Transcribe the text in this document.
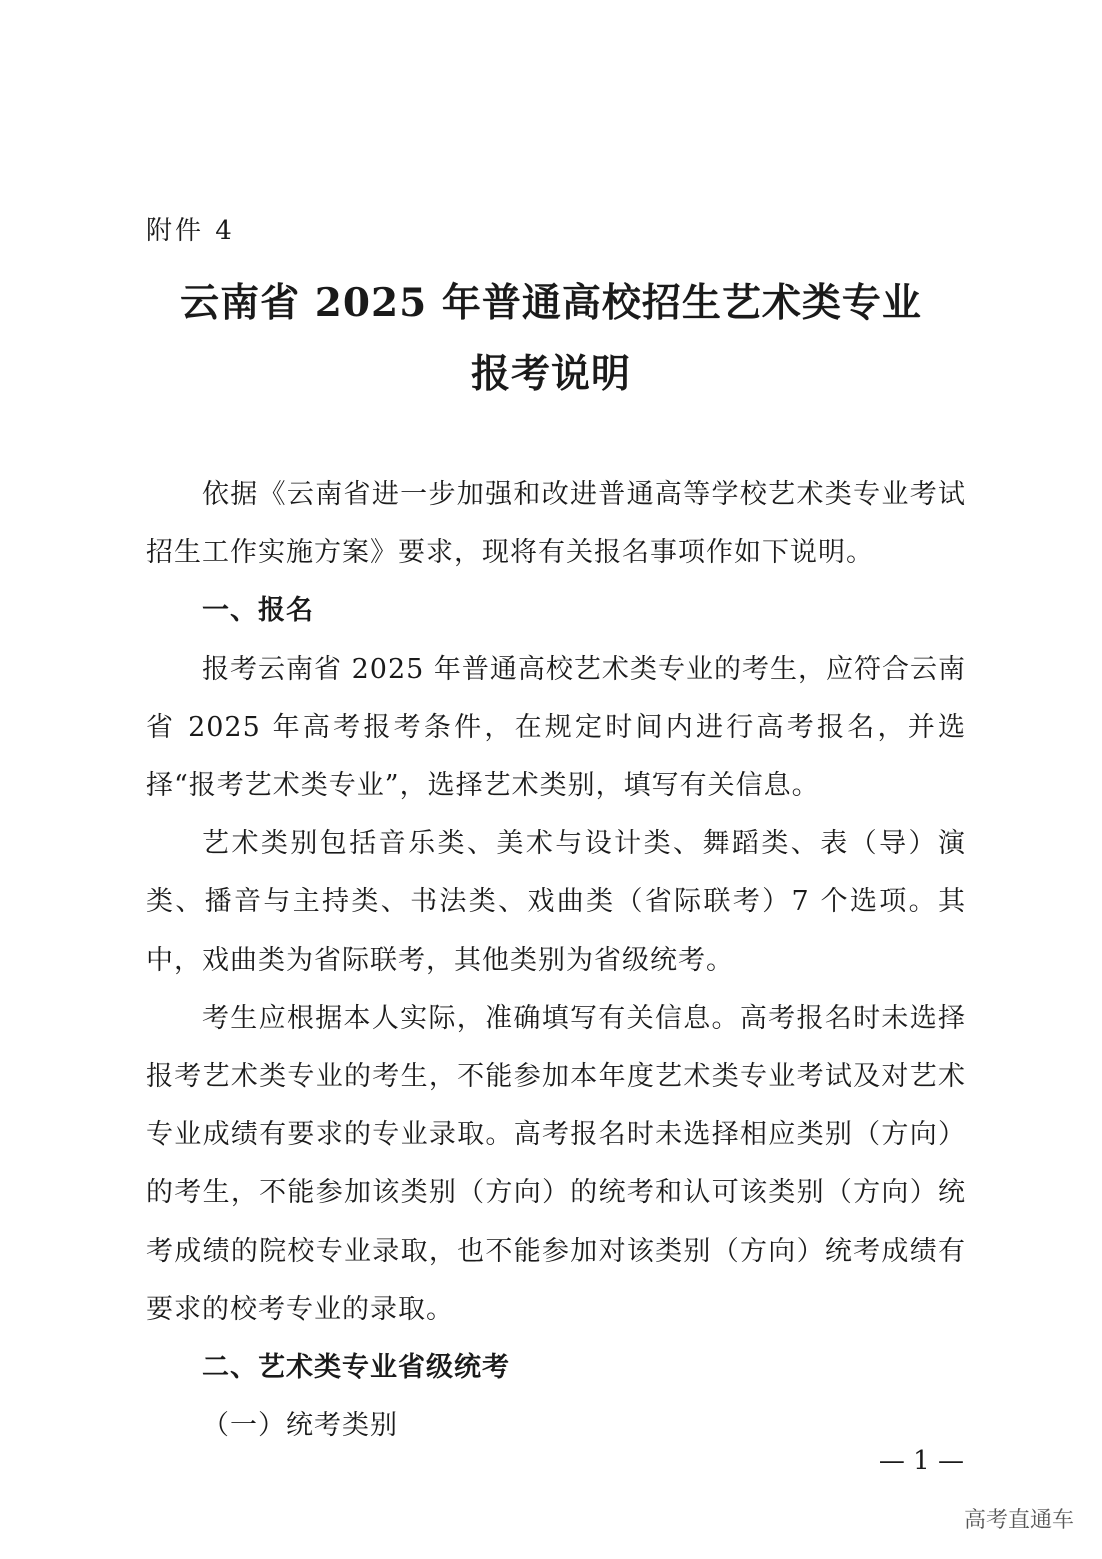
附件 4
云南省 2025 年普通高校招生艺术类专业
报考说明

依据《云南省进一步加强和改进普通高等学校艺术类专业考试招生工作实施方案》要求，现将有关报名事项作如下说明。

一、报名

报考云南省 2025 年普通高校艺术类专业的考生，应符合云南省 2025 年高考报考条件，在规定时间内进行高考报名，并选择“报考艺术类专业”，选择艺术类别，填写有关信息。

艺术类别包括音乐类、美术与设计类、舞蹈类、表（导）演类、播音与主持类、书法类、戏曲类（省际联考）7 个选项。其中，戏曲类为省际联考，其他类别为省级统考。

考生应根据本人实际，准确填写有关信息。高考报名时未选择报考艺术类专业的考生，不能参加本年度艺术类专业考试及对艺术专业成绩有要求的专业录取。高考报名时未选择相应类别（方向）的考生，不能参加该类别（方向）的统考和认可该类别（方向）统考成绩的院校专业录取，也不能参加对该类别（方向）统考成绩有要求的校考专业的录取。

二、艺术类专业省级统考
（一）统考类别
— 1 —
高考直通车
